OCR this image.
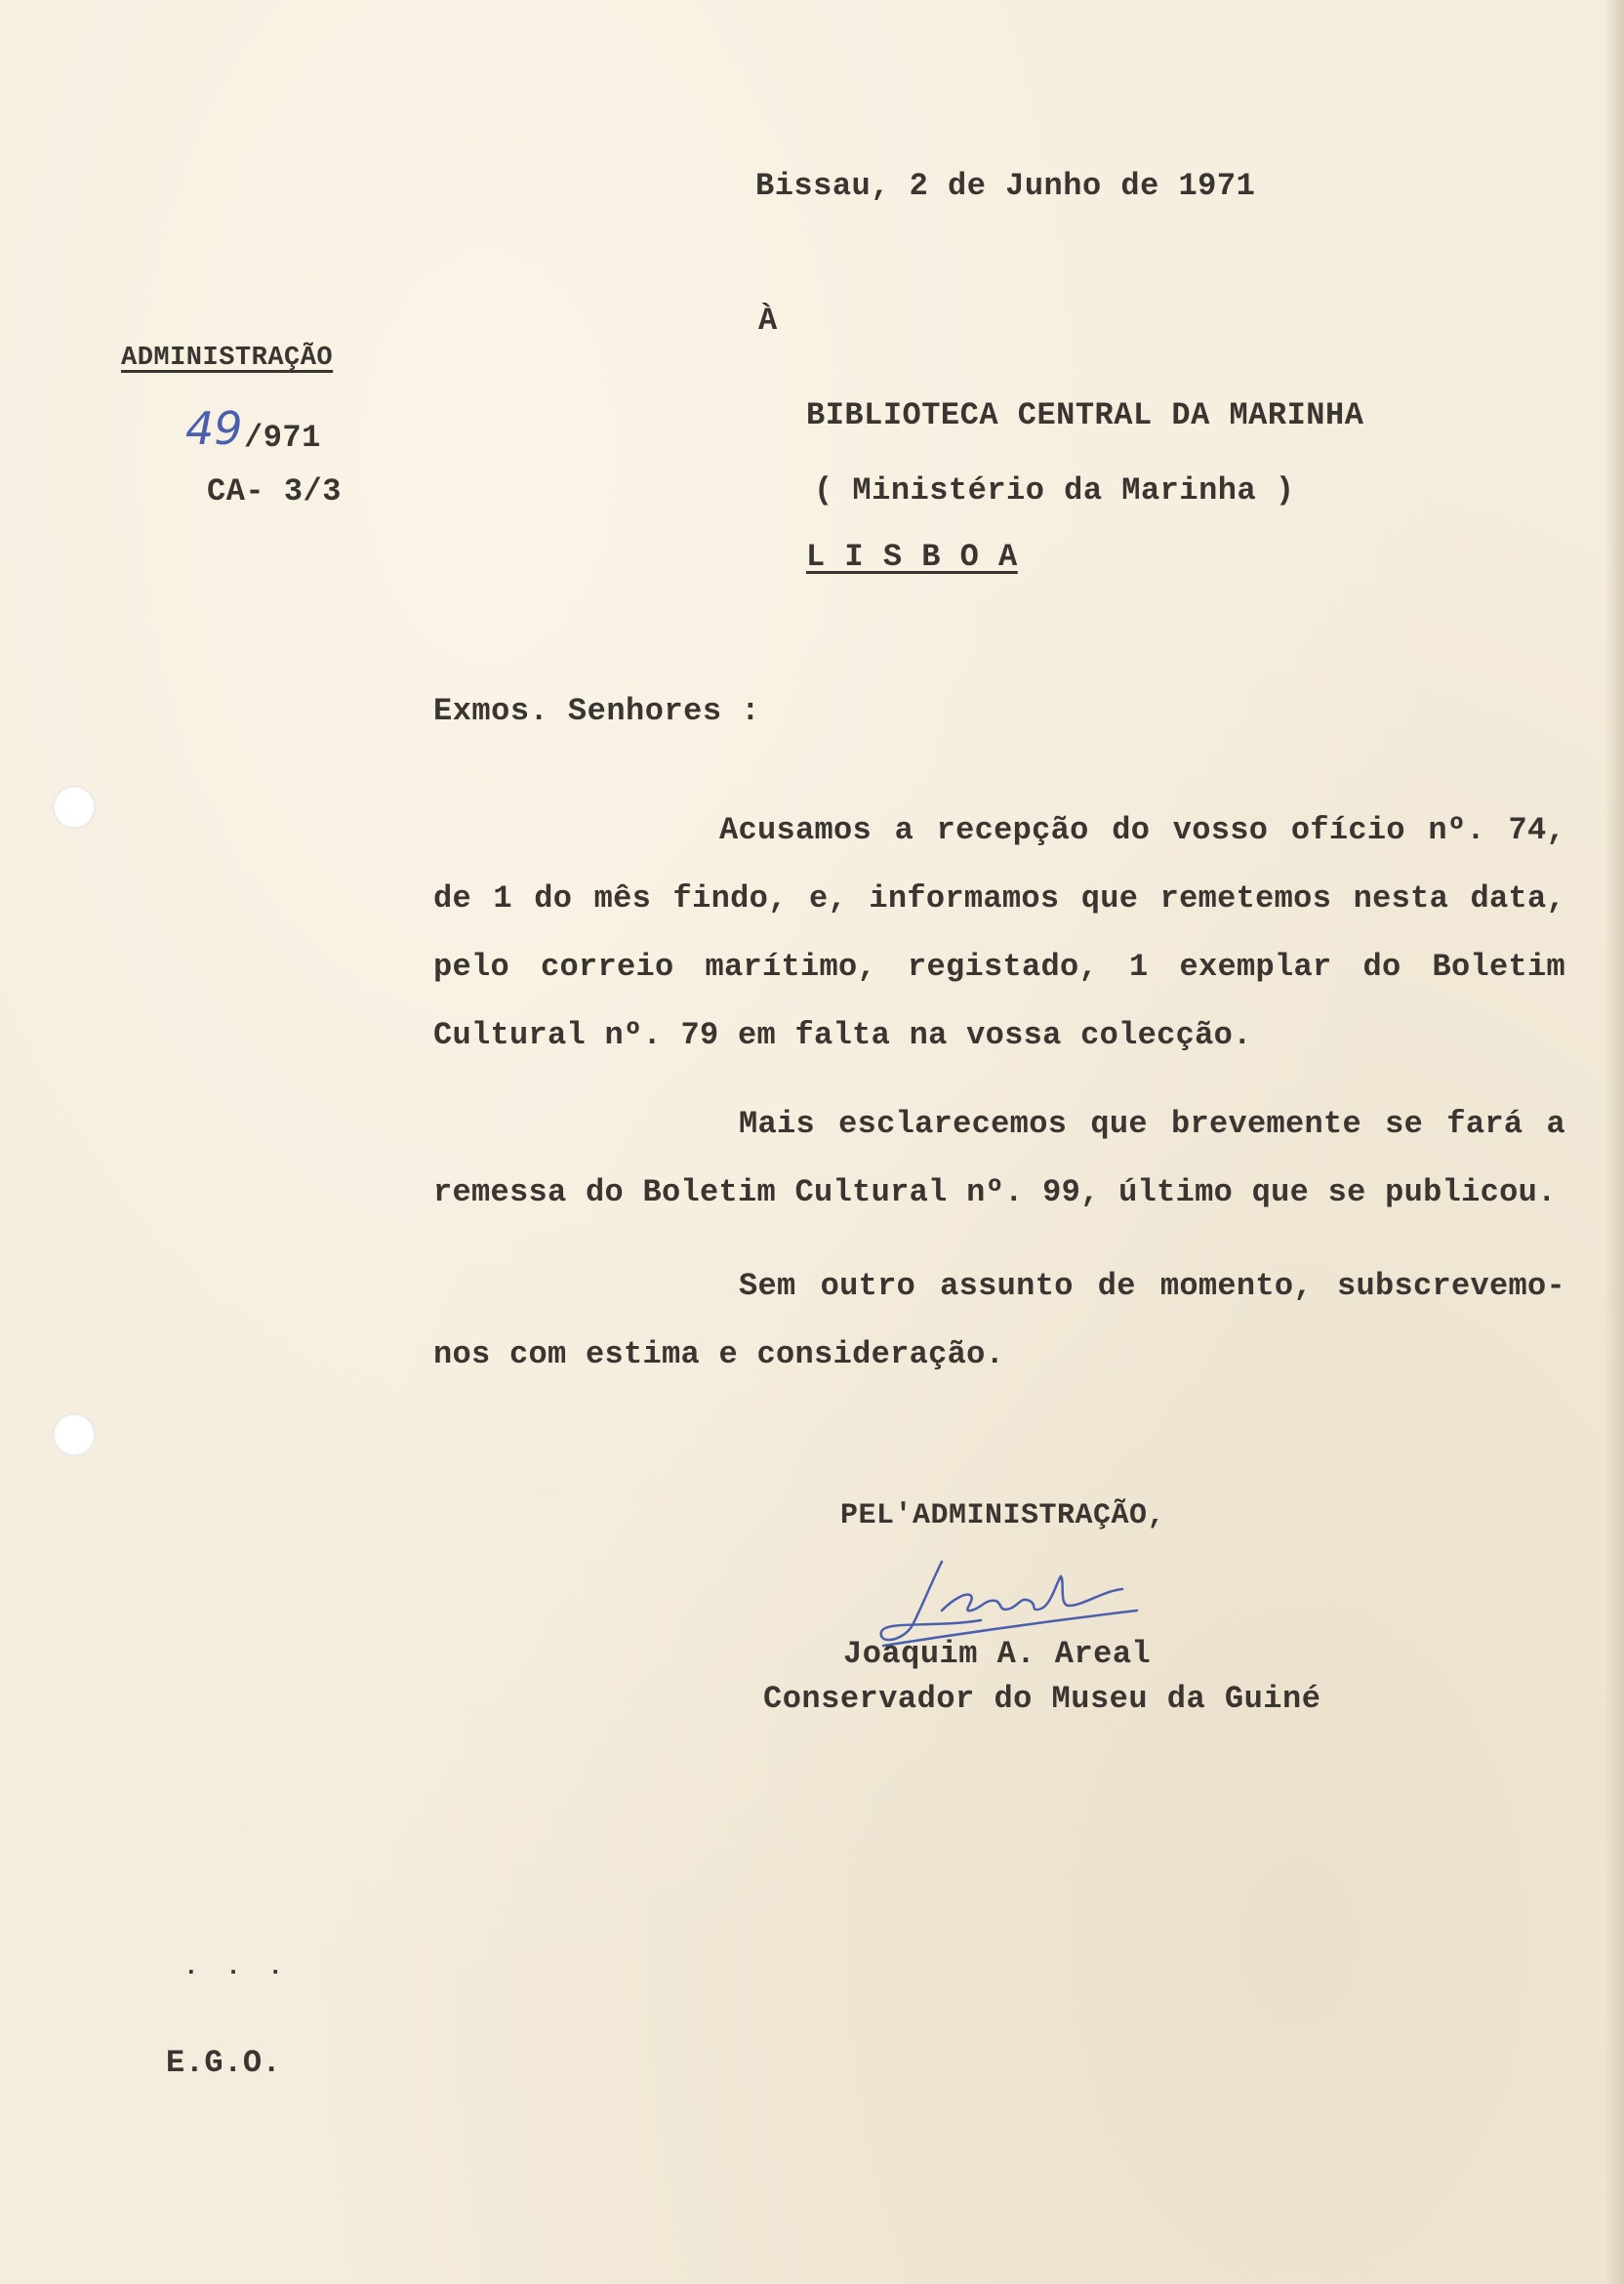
Bissau, 2 de Junho de 1971
ADMINISTRAÇÃO
49 /971
CA- 3/3
À
BIBLIOTECA CENTRAL DA MARINHA
( Ministério da Marinha )
L I S B O A
Exmos. Senhores :
Acusamos a recepção do vosso ofício nº. 74, de 1 do mês findo, e, informamos que remetemos nesta data, pelo correio marítimo, registado, 1 exemplar do Boletim Cultural nº. 79 em falta na vossa colecção.
Mais esclarecemos que brevemente se fará a remessa do Boletim Cultural nº. 99, último que se publicou.
Sem outro assunto de momento, subscrevemo-nos com estima e consideração.
PEL'ADMINISTRAÇÃO,
Joaquim A. Areal
Conservador do Museu da Guiné
. . .
E.G.O.
